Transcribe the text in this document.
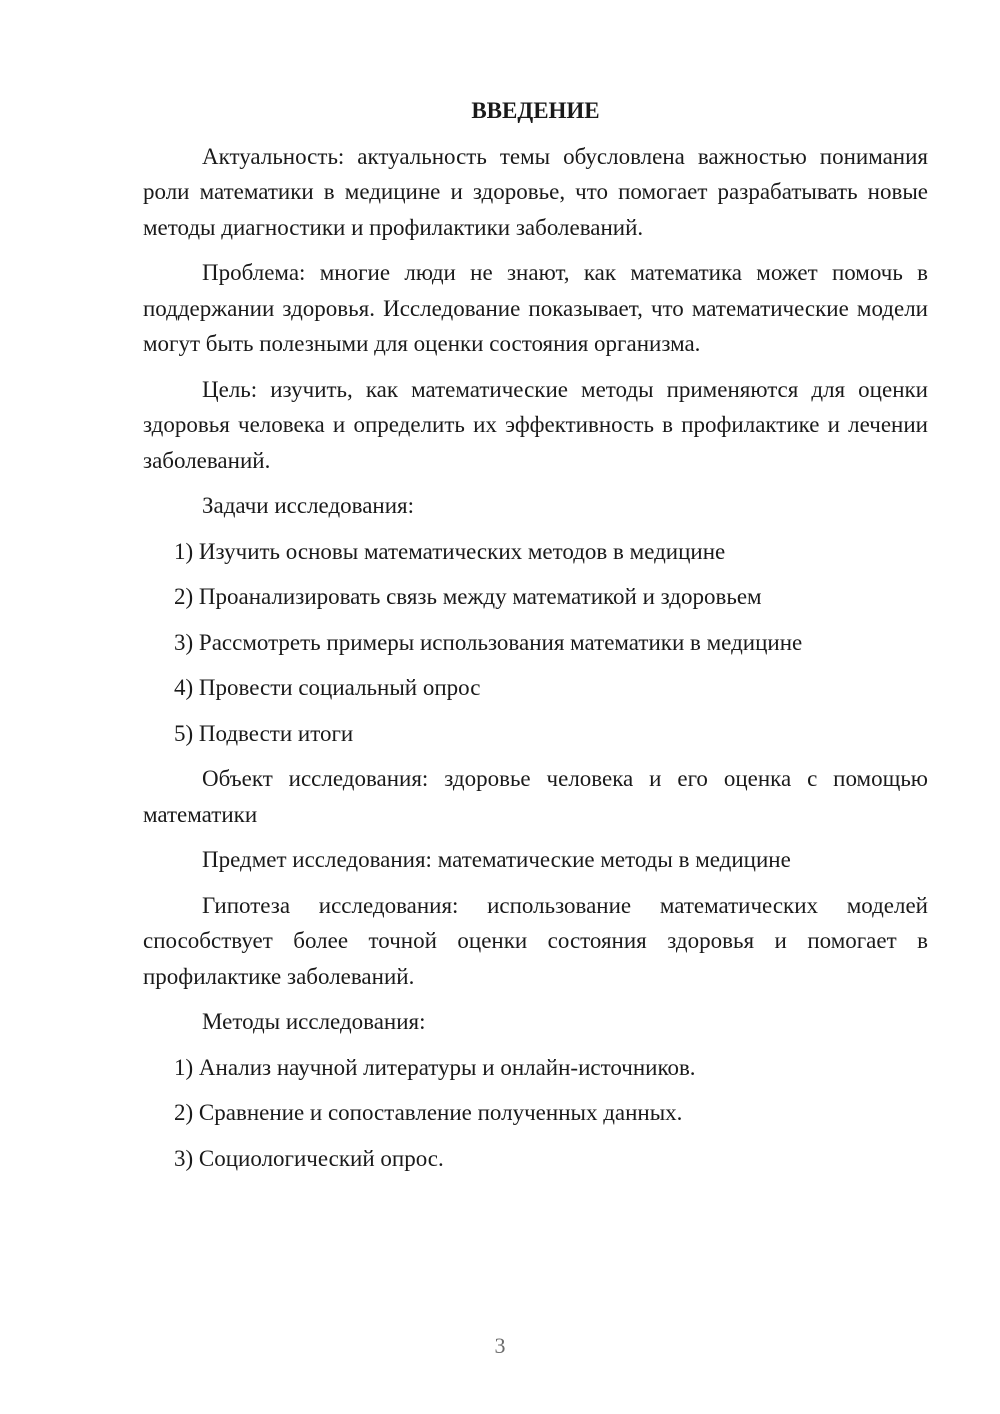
ВВЕДЕНИЕ

Актуальность: актуальность темы обусловлена важностью понимания роли математики в медицине и здоровье, что помогает разрабатывать новые методы диагностики и профилактики заболеваний.

Проблема: многие люди не знают, как математика может помочь в поддержании здоровья. Исследование показывает, что математические модели могут быть полезными для оценки состояния организма.

Цель: изучить, как математические методы применяются для оценки здоровья человека и определить их эффективность в профилактике и лечении заболеваний.

Задачи исследования:

1) Изучить основы математических методов в медицине

2) Проанализировать связь между математикой и здоровьем

3) Рассмотреть примеры использования математики в медицине

4) Провести социальный опрос

5) Подвести итоги

Объект исследования: здоровье человека и его оценка с помощью математики

Предмет исследования: математические методы в медицине

Гипотеза исследования: использование математических моделей способствует более точной оценки состояния здоровья и помогает в профилактике заболеваний.

Методы исследования:

1) Анализ научной литературы и онлайн-источников.

2) Сравнение и сопоставление полученных данных.

3) Социологический опрос.

3
